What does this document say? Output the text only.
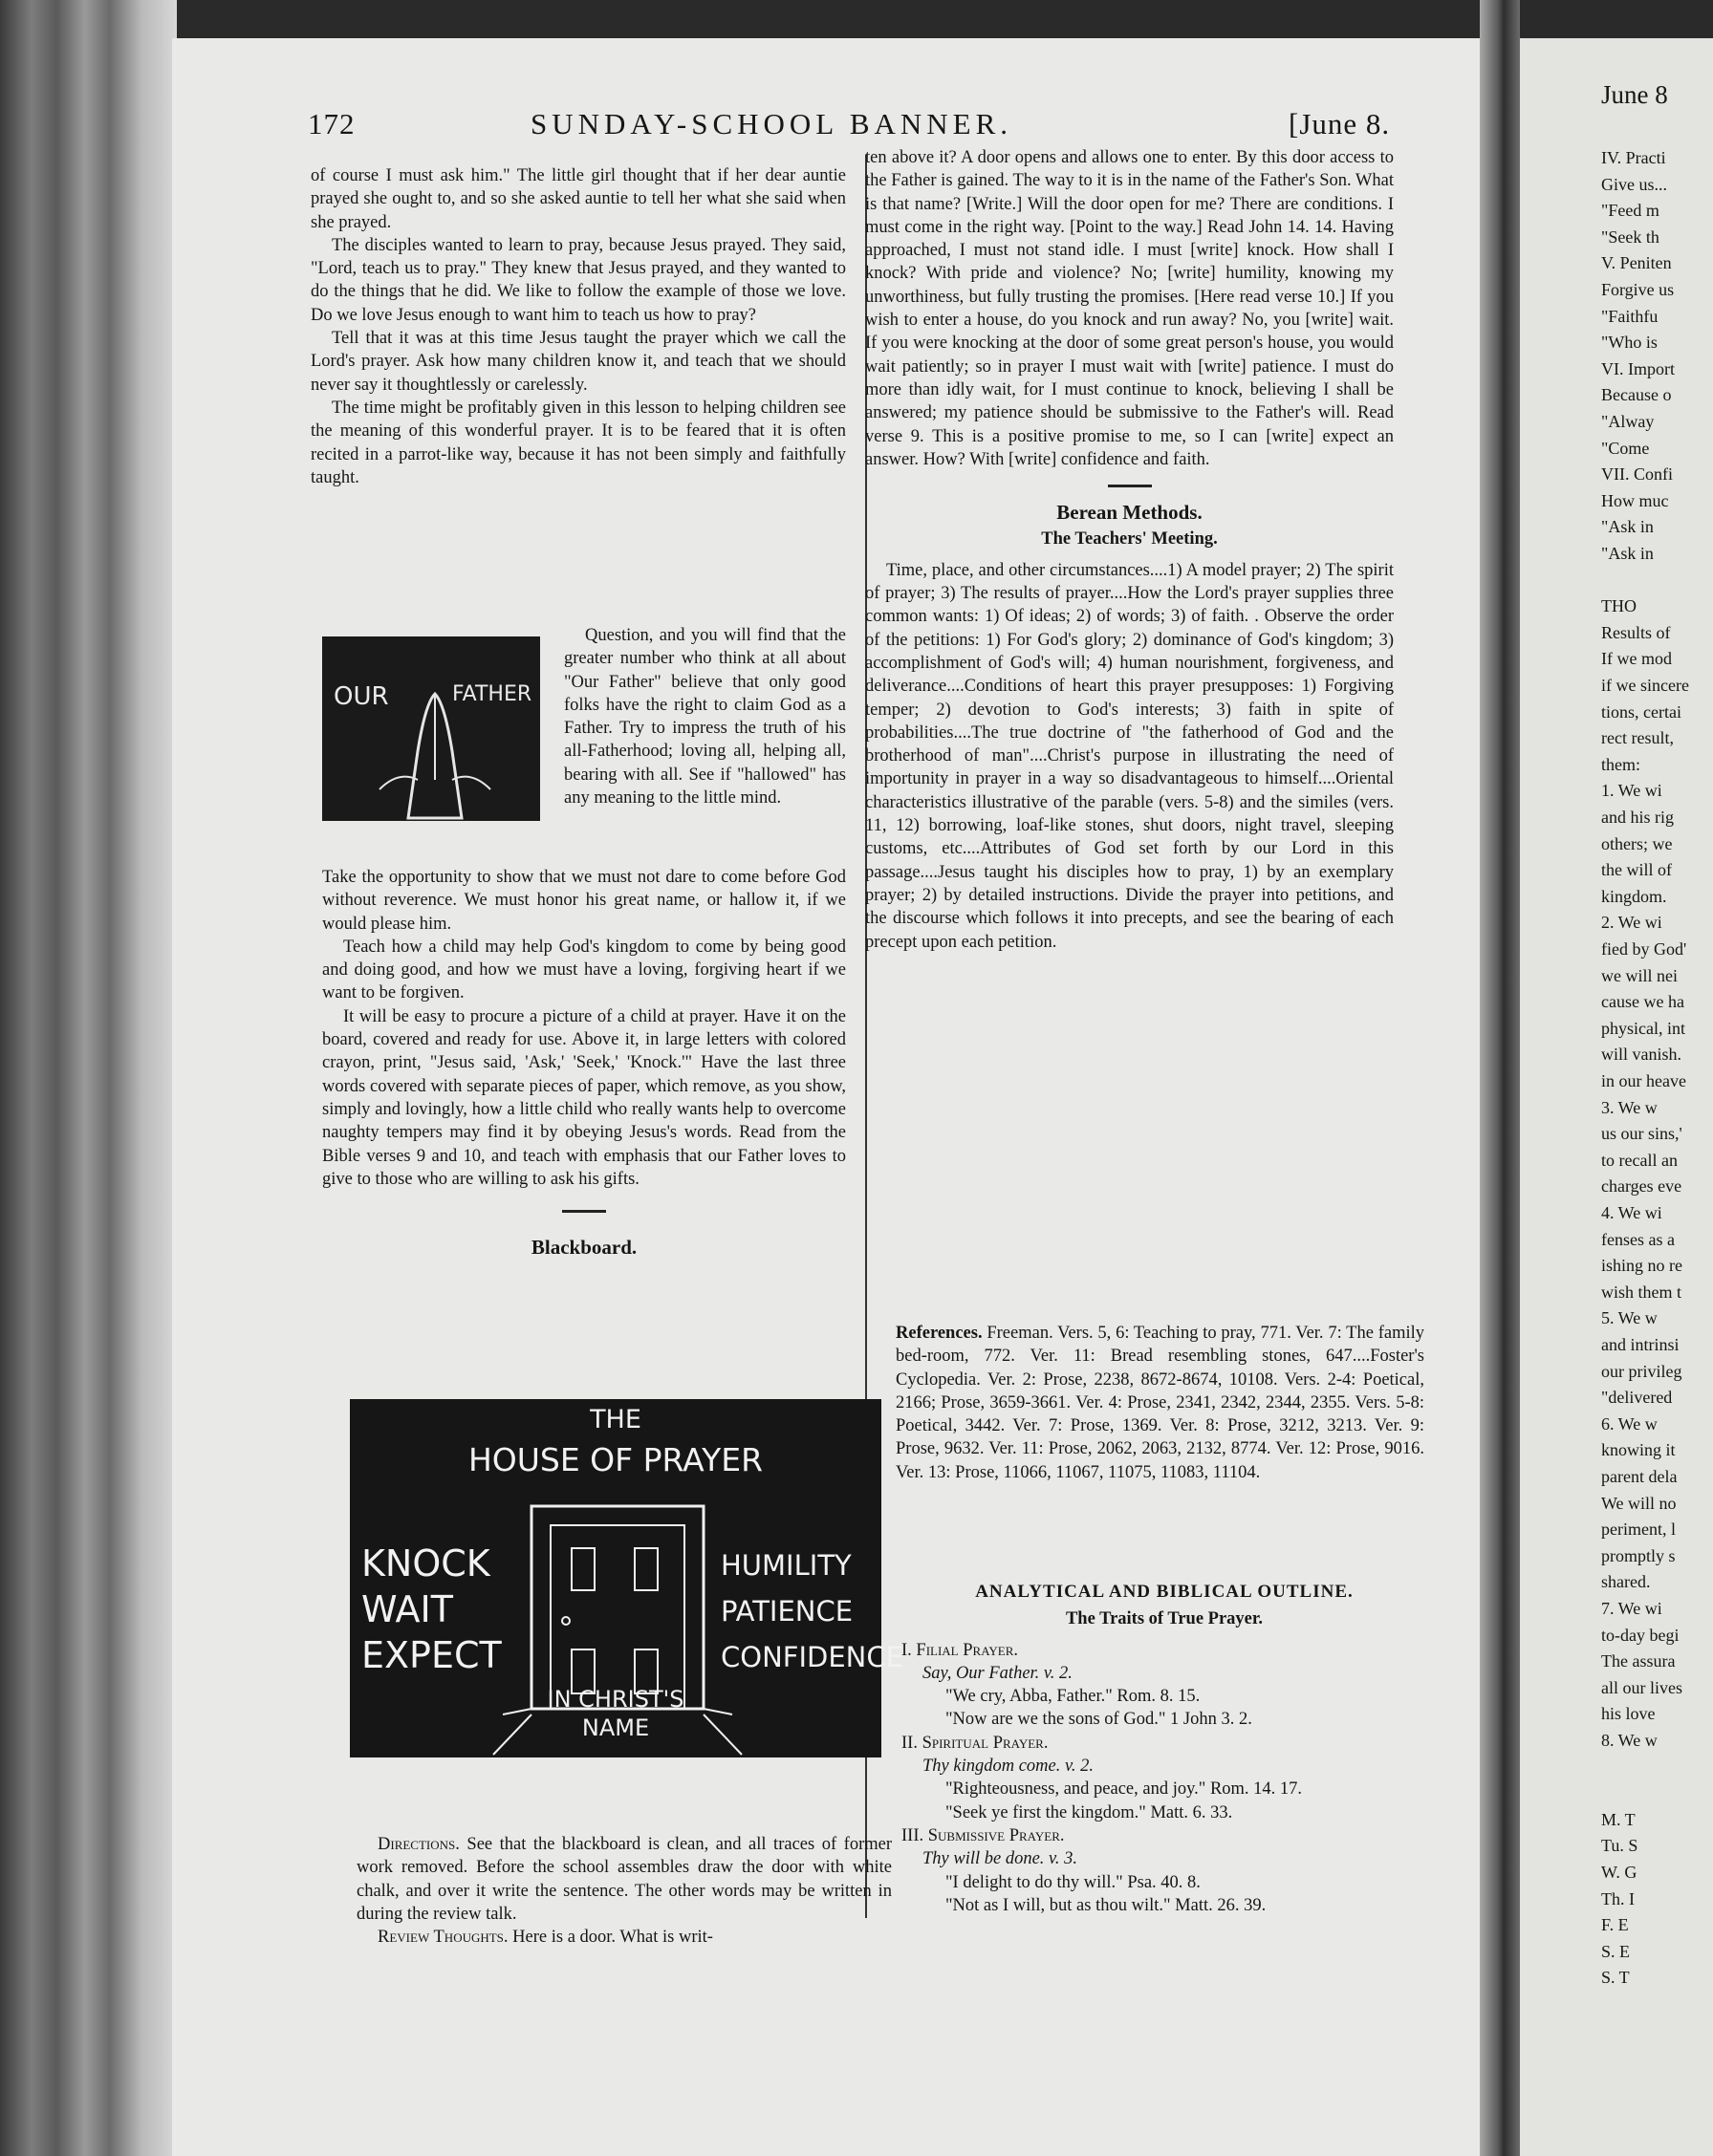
172	SUNDAY-SCHOOL BANNER.	[June 8.

of course I must ask him." The little girl thought that if her dear auntie prayed she ought to, and so she asked auntie to tell her what she said when she prayed.

The disciples wanted to learn to pray, because Jesus prayed. They said, "Lord, teach us to pray." They knew that Jesus prayed, and they wanted to do the things that he did. We like to follow the example of those we love. Do we love Jesus enough to want him to teach us how to pray?

Tell that it was at this time Jesus taught the prayer which we call the Lord's prayer. Ask how many children know it, and teach that we should never say it thoughtlessly or carelessly.

The time might be profitably given in this lesson to helping children see the meaning of this wonderful prayer. It is to be feared that it is often recited in a parrot-like way, because it has not been simply and faithfully taught.

OUR	FATHER

Question, and you will find that the greater number who think at all about "Our Father" believe that only good folks have the right to claim God as a Father. Try to impress the truth of his all-Fatherhood; loving all, helping all, bearing with all. See if "hallowed" has any meaning to the little mind.

Take the opportunity to show that we must not dare to come before God without reverence. We must honor his great name, or hallow it, if we would please him.

Teach how a child may help God's kingdom to come by being good and doing good, and how we must have a loving, forgiving heart if we want to be forgiven.

It will be easy to procure a picture of a child at prayer. Have it on the board, covered and ready for use. Above it, in large letters with colored crayon, print, "Jesus said, 'Ask,' 'Seek,' 'Knock.'" Have the last three words covered with separate pieces of paper, which remove, as you show, simply and lovingly, how a little child who really wants help to overcome naughty tempers may find it by obeying Jesus's words. Read from the Bible verses 9 and 10, and teach with emphasis that our Father loves to give to those who are willing to ask his gifts.

Blackboard.
THE
HOUSE OF PRAYER
KNOCK
WAIT
EXPECT
HUMILITY
PATIENCE
CONFIDENCE
IN CHRIST'S
NAME

Directions. See that the blackboard is clean, and all traces of former work removed. Before the school assembles draw the door with white chalk, and over it write the sentence. The other words may be written in during the review talk.

Review Thoughts. Here is a door. What is writ-

ten above it? A door opens and allows one to enter. By this door access to the Father is gained. The way to it is in the name of the Father's Son. What is that name? [Write.] Will the door open for me? There are conditions. I must come in the right way. [Point to the way.] Read John 14. 14. Having approached, I must not stand idle. I must [write] knock. How shall I knock? With pride and violence? No; [write] humility, knowing my unworthiness, but fully trusting the promises. [Here read verse 10.] If you wish to enter a house, do you knock and run away? No, you [write] wait. If you were knocking at the door of some great person's house, you would wait patiently; so in prayer I must wait with [write] patience. I must do more than idly wait, for I must continue to knock, believing I shall be answered; my patience should be submissive to the Father's will. Read verse 9. This is a positive promise to me, so I can [write] expect an answer. How? With [write] confidence and faith.

Berean Methods.
The Teachers' Meeting.

Time, place, and other circumstances....1) A model prayer; 2) The spirit of prayer; 3) The results of prayer....How the Lord's prayer supplies three common wants: 1) Of ideas; 2) of words; 3) of faith. . Observe the order of the petitions: 1) For God's glory; 2) dominance of God's kingdom; 3) accomplishment of God's will; 4) human nourishment, forgiveness, and deliverance....Conditions of heart this prayer presupposes: 1) Forgiving temper; 2) devotion to God's interests; 3) faith in spite of probabilities....The true doctrine of "the fatherhood of God and the brotherhood of man"....Christ's purpose in illustrating the need of importunity in prayer in a way so disadvantageous to himself....Oriental characteristics illustrative of the parable (vers. 5-8) and the similes (vers. 11, 12) borrowing, loaf-like stones, shut doors, night travel, sleeping customs, etc....Attributes of God set forth by our Lord in this passage....Jesus taught his disciples how to pray, 1) by an exemplary prayer; 2) by detailed instructions. Divide the prayer into petitions, and the discourse which follows it into precepts, and see the bearing of each precept upon each petition.

References. Freeman. Vers. 5, 6: Teaching to pray, 771. Ver. 7: The family bed-room, 772. Ver. 11: Bread resembling stones, 647....Foster's Cyclopedia. Ver. 2: Prose, 2238, 8672-8674, 10108. Vers. 2-4: Poetical, 2166; Prose, 3659-3661. Ver. 4: Prose, 2341, 2342, 2344, 2355. Vers. 5-8: Poetical, 3442. Ver. 7: Prose, 1369. Ver. 8: Prose, 3212, 3213. Ver. 9: Prose, 9632. Ver. 11: Prose, 2062, 2063, 2132, 8774. Ver. 12: Prose, 9016. Ver. 13: Prose, 11066, 11067, 11075, 11083, 11104.

ANALYTICAL AND BIBLICAL OUTLINE.
The Traits of True Prayer.
I. Filial Prayer.
Say, Our Father. v. 2.
"We cry, Abba, Father." Rom. 8. 15.
"Now are we the sons of God." 1 John 3. 2.
II. Spiritual Prayer.
Thy kingdom come. v. 2.
"Righteousness, and peace, and joy." Rom. 14. 17.
"Seek ye first the kingdom." Matt. 6. 33.
III. Submissive Prayer.
Thy will be done. v. 3.
"I delight to do thy will." Psa. 40. 8.
"Not as I will, but as thou wilt." Matt. 26. 39.
June 8
IV. Practi
Give us...
"Feed m
"Seek th
V. Peniten
Forgive us
"Faithfu
"Who is
VI. Import
Because o
"Alway
"Come
VII. Confi
How muc
"Ask in
"Ask in
THO
Results of
If we mod
if we sincere
tions, certai
rect result,
them:
1. We wi
and his rig
others; we
the will of
kingdom.
2. We wi
fied by God'
we will nei
cause we ha
physical, int
will vanish.
in our heave
3. We w
us our sins,'
to recall an
charges eve
4. We wi
fenses as a
ishing no re
wish them t
5. We w
and intrinsi
our privileg
"delivered
6. We w
knowing it
parent dela
We will no
periment, l
promptly s
shared.
7. We wi
to-day begi
The assura
all our lives
his love
8. We w
M. T
Tu. S
W. G
Th. I
F. E
S. E
S. T
